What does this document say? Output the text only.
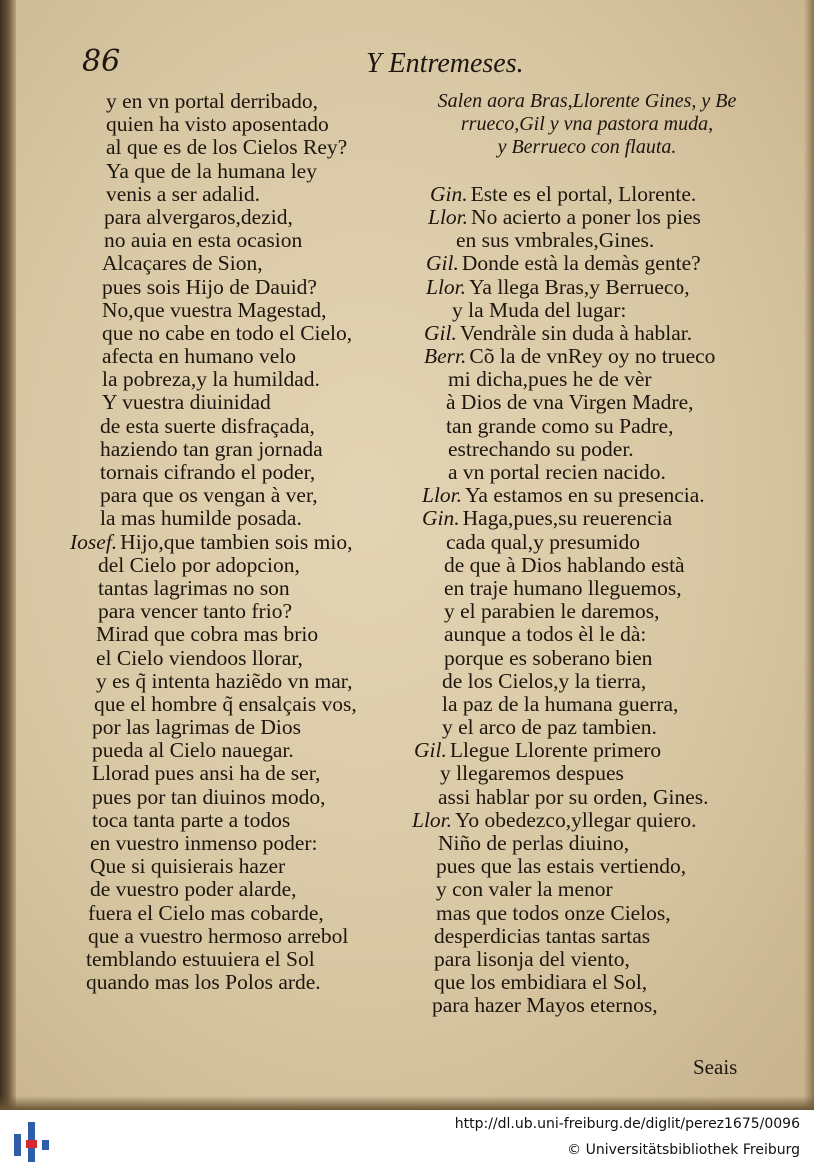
86	Y Entremeses.
y en vn portal derribado,
quien ha visto aposentado
al que es de los Cielos Rey?
Ya que de la humana ley
venis a ser adalid.
para alvergaros,dezid,
no auia en esta ocasion
Alcaçares de Sion,
pues sois Hijo de Dauid?
No,que vuestra Magestad,
que no cabe en todo el Cielo,
afecta en humano velo
la pobreza,y la humildad.
Y vuestra diuinidad
de esta suerte disfraçada,
haziendo tan gran jornada
tornais cifrando el poder,
para que os vengan à ver,
la mas humilde posada.
Iosef. Hijo,que tambien sois mio,
del Cielo por adopcion,
tantas lagrimas no son
para vencer tanto frio?
Mirad que cobra mas brio
el Cielo viendoos llorar,
y es q̃ intenta haziẽdo vn mar,
que el hombre q̃ ensalçais vos,
por las lagrimas de Dios
pueda al Cielo nauegar.
Llorad pues ansi ha de ser,
pues por tan diuinos modo,
toca tanta parte a todos
en vuestro inmenso poder:
Que si quisierais hazer
de vuestro poder alarde,
fuera el Cielo mas cobarde,
que a vuestro hermoso arrebol
temblando estuuiera el Sol
quando mas los Polos arde.
Salen aora Bras,Llorente Gines, y Be
rrueco,Gil y vna pastora muda,
y Berrueco con flauta.
Gin. Este es el portal, Llorente.
Llor. No acierto a poner los pies
en sus vmbrales,Gines.
Gil. Donde està la demàs gente?
Llor. Ya llega Bras,y Berrueco,
y la Muda del lugar:
Gil. Vendràle sin duda à hablar.
Berr. Cõ la de vnRey oy no trueco
mi dicha,pues he de vèr
à Dios de vna Virgen Madre,
tan grande como su Padre,
estrechando su poder.
a vn portal recien nacido.
Llor. Ya estamos en su presencia.
Gin. Haga,pues,su reuerencia
cada qual,y presumido
de que à Dios hablando està
en traje humano lleguemos,
y el parabien le daremos,
aunque a todos èl le dà:
porque es soberano bien
de los Cielos,y la tierra,
la paz de la humana guerra,
y el arco de paz tambien.
Gil. Llegue Llorente primero
y llegaremos despues
assi hablar por su orden, Gines.
Llor. Yo obedezco,yllegar quiero.
Niño de perlas diuino,
pues que las estais vertiendo,
y con valer la menor
mas que todos onze Cielos,
desperdicias tantas sartas
para lisonja del viento,
que los embidiara el Sol,
para hazer Mayos eternos,
Seais
http://dl.ub.uni-freiburg.de/diglit/perez1675/0096
© Universitätsbibliothek Freiburg
